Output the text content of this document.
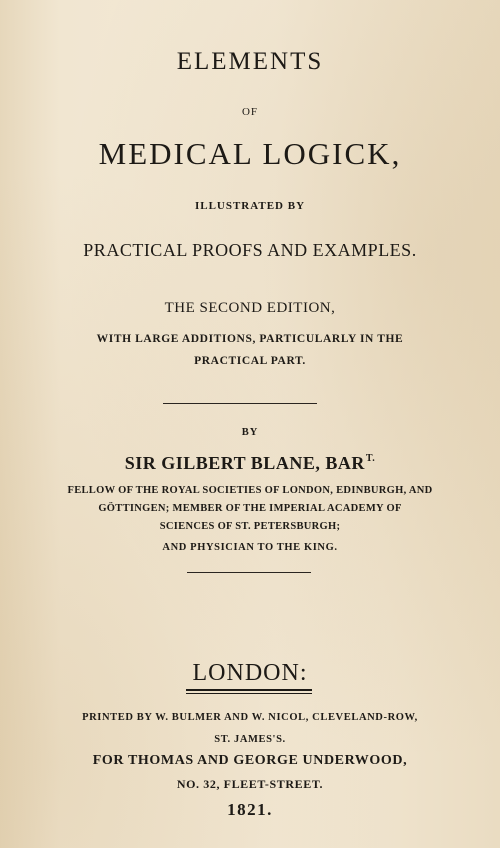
ELEMENTS

OF

MEDICAL LOGICK,

ILLUSTRATED BY

PRACTICAL PROOFS AND EXAMPLES.

THE SECOND EDITION,

WITH LARGE ADDITIONS, PARTICULARLY IN THE

PRACTICAL PART.

BY

SIR GILBERT BLANE, $BAR^{T.}$

FELLOW OF THE ROYAL SOCIETIES OF LONDON, EDINBURGH, AND

GÖTTINGEN; MEMBER OF THE IMPERIAL ACADEMY OF

SCIENCES OF ST. PETERSBURGH;

AND PHYSICIAN TO THE KING.

LONDON:

PRINTED BY W. BULMER AND W. NICOL, CLEVELAND-ROW,

ST. JAMES'S.

FOR THOMAS AND GEORGE UNDERWOOD,

NO. 32, FLEET-STREET.

1821.
